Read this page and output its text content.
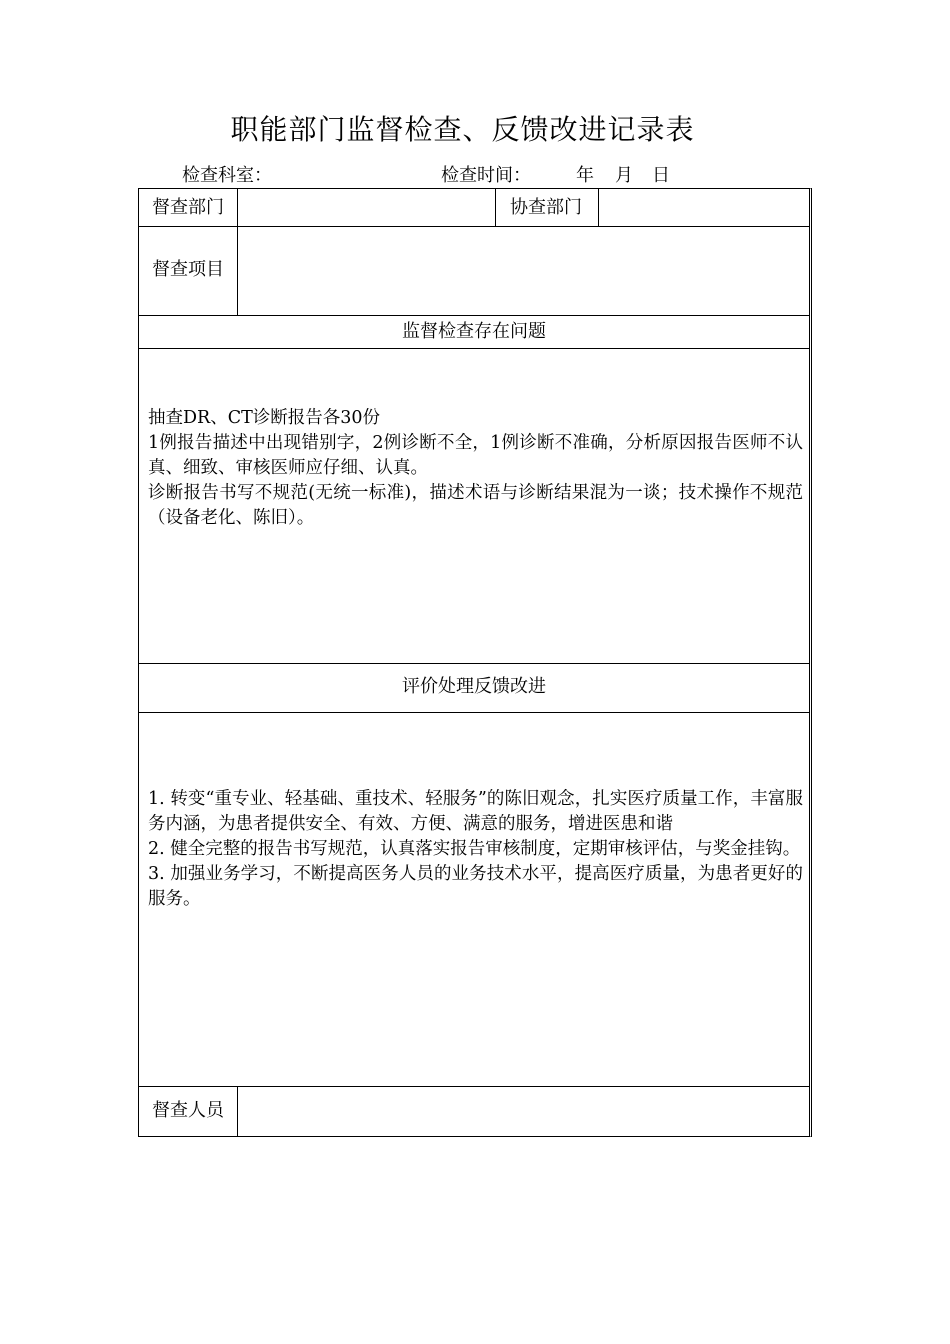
职能部门监督检查、反馈改进记录表
检查科室：	检查时间：	年 月 日
督查部门	协查部门
督查项目
监督检查存在问题

抽查DR、CT诊断报告各30份

1例报告描述中出现错别字，2例诊断不全，1例诊断不准确，分析原因报告医师不认真、细致、审核医师应仔细、认真。

诊断报告书写不规范(无统一标准)，描述术语与诊断结果混为一谈；技术操作不规范（设备老化、陈旧）。

评价处理反馈改进

1. 转变“重专业、轻基础、重技术、轻服务”的陈旧观念，扎实医疗质量工作，丰富服务内涵，为患者提供安全、有效、方便、满意的服务，增进医患和谐

2. 健全完整的报告书写规范，认真落实报告审核制度，定期审核评估，与奖金挂钩。

3. 加强业务学习，不断提高医务人员的业务技术水平，提高医疗质量，为患者更好的服务。

督查人员
